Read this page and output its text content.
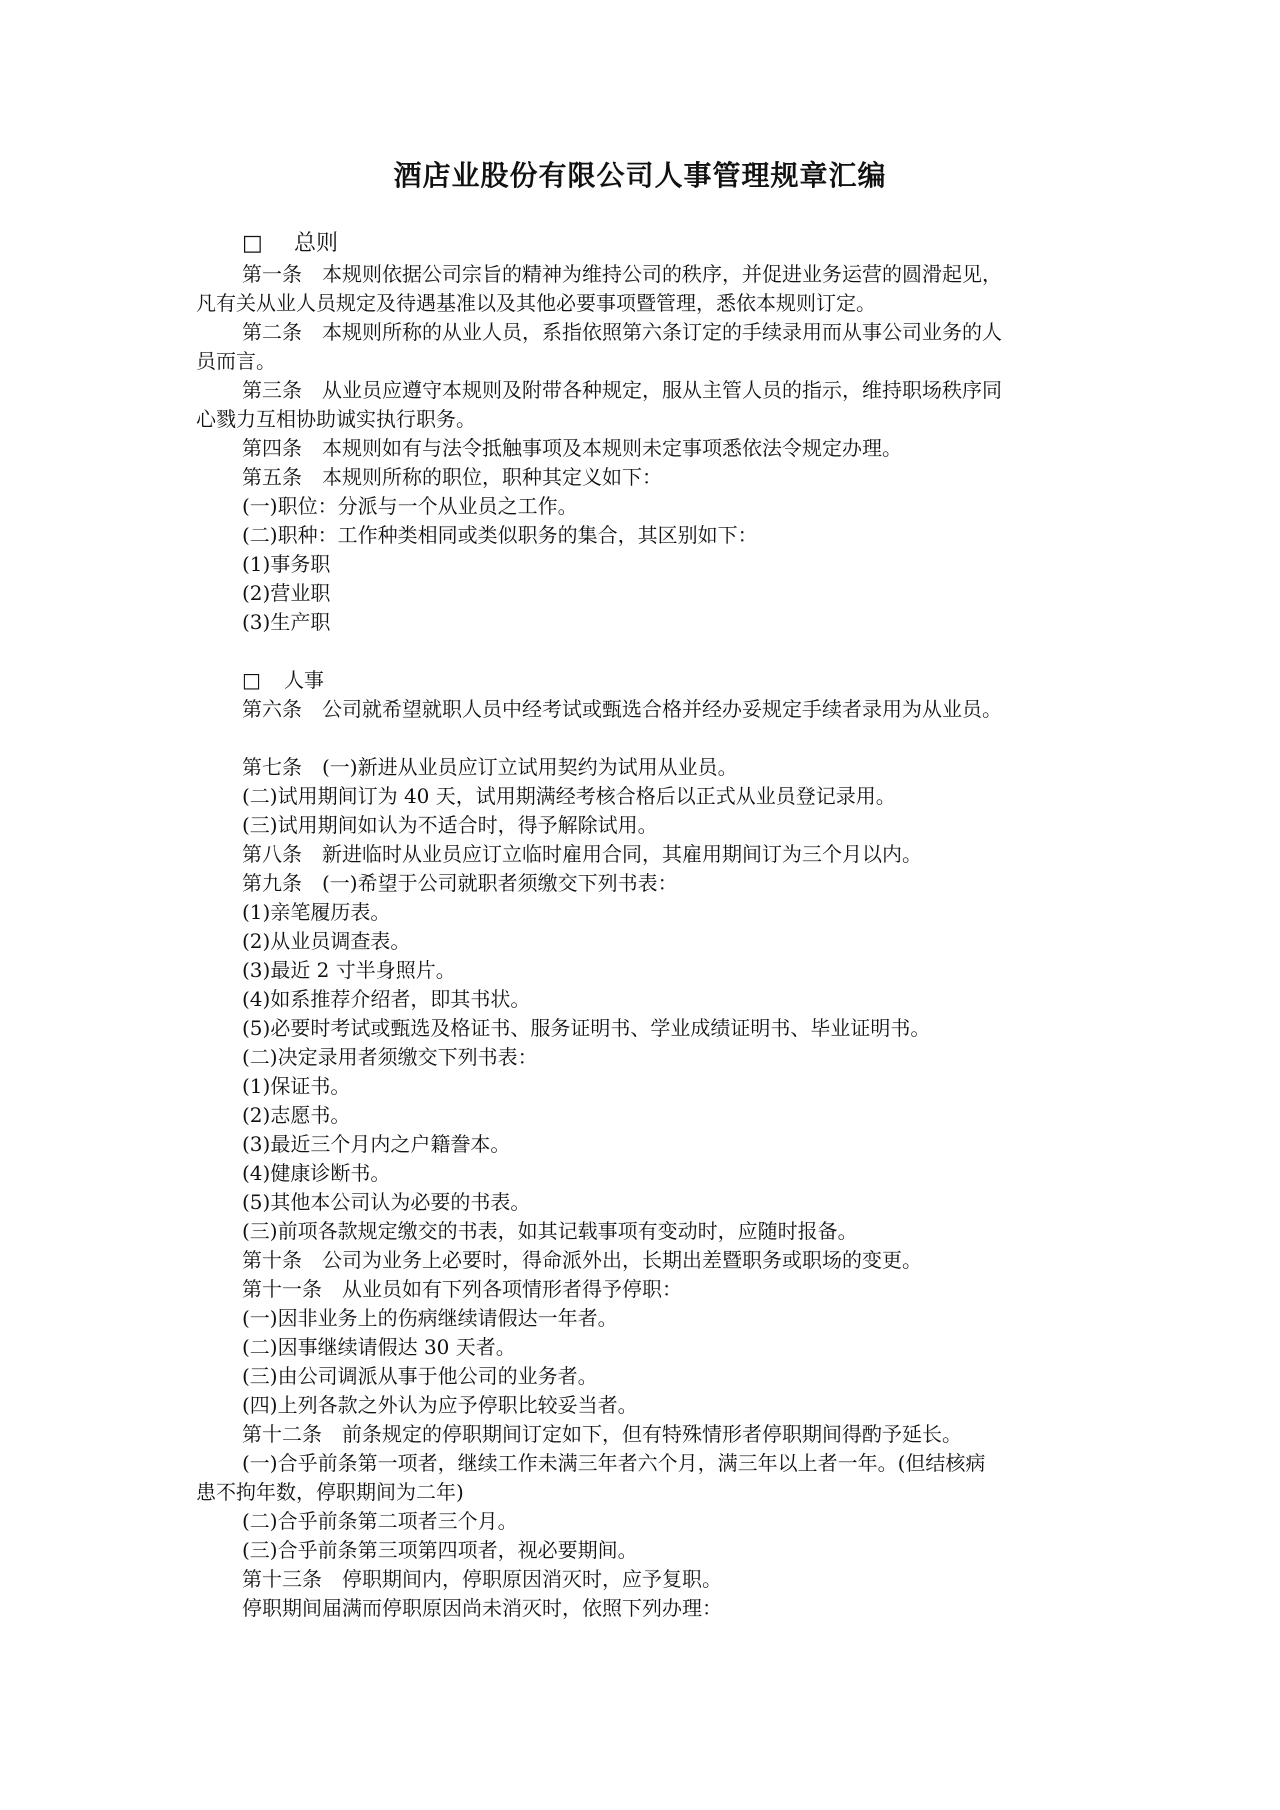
酒店业股份有限公司人事管理规章汇编
□ 总则
第一条　本规则依据公司宗旨的精神为维持公司的秩序，并促进业务运营的圆滑起见，
凡有关从业人员规定及待遇基准以及其他必要事项暨管理，悉依本规则订定。
第二条　本规则所称的从业人员，系指依照第六条订定的手续录用而从事公司业务的人
员而言。
第三条　从业员应遵守本规则及附带各种规定，服从主管人员的指示，维持职场秩序同
心戮力互相协助诚实执行职务。
第四条　本规则如有与法令抵触事项及本规则未定事项悉依法令规定办理。
第五条　本规则所称的职位，职种其定义如下：
(一)职位：分派与一个从业员之工作。
(二)职种：工作种类相同或类似职务的集合，其区别如下：
(1)事务职
(2)营业职
(3)生产职
□ 人事
第六条　公司就希望就职人员中经考试或甄选合格并经办妥规定手续者录用为从业员。
第七条　(一)新进从业员应订立试用契约为试用从业员。
(二)试用期间订为 40 天，试用期满经考核合格后以正式从业员登记录用。
(三)试用期间如认为不适合时，得予解除试用。
第八条　新进临时从业员应订立临时雇用合同，其雇用期间订为三个月以内。
第九条　(一)希望于公司就职者须缴交下列书表：
(1)亲笔履历表。
(2)从业员调查表。
(3)最近 2 寸半身照片。
(4)如系推荐介绍者，即其书状。
(5)必要时考试或甄选及格证书、服务证明书、学业成绩证明书、毕业证明书。
(二)决定录用者须缴交下列书表：
(1)保证书。
(2)志愿书。
(3)最近三个月内之户籍誊本。
(4)健康诊断书。
(5)其他本公司认为必要的书表。
(三)前项各款规定缴交的书表，如其记载事项有变动时，应随时报备。
第十条　公司为业务上必要时，得命派外出，长期出差暨职务或职场的变更。
第十一条　从业员如有下列各项情形者得予停职：
(一)因非业务上的伤病继续请假达一年者。
(二)因事继续请假达 30 天者。
(三)由公司调派从事于他公司的业务者。
(四)上列各款之外认为应予停职比较妥当者。
第十二条　前条规定的停职期间订定如下，但有特殊情形者停职期间得酌予延长。
(一)合乎前条第一项者，继续工作未满三年者六个月，满三年以上者一年。(但结核病
患不拘年数，停职期间为二年)
(二)合乎前条第二项者三个月。
(三)合乎前条第三项第四项者，视必要期间。
第十三条　停职期间内，停职原因消灭时，应予复职。
停职期间届满而停职原因尚未消灭时，依照下列办理：
